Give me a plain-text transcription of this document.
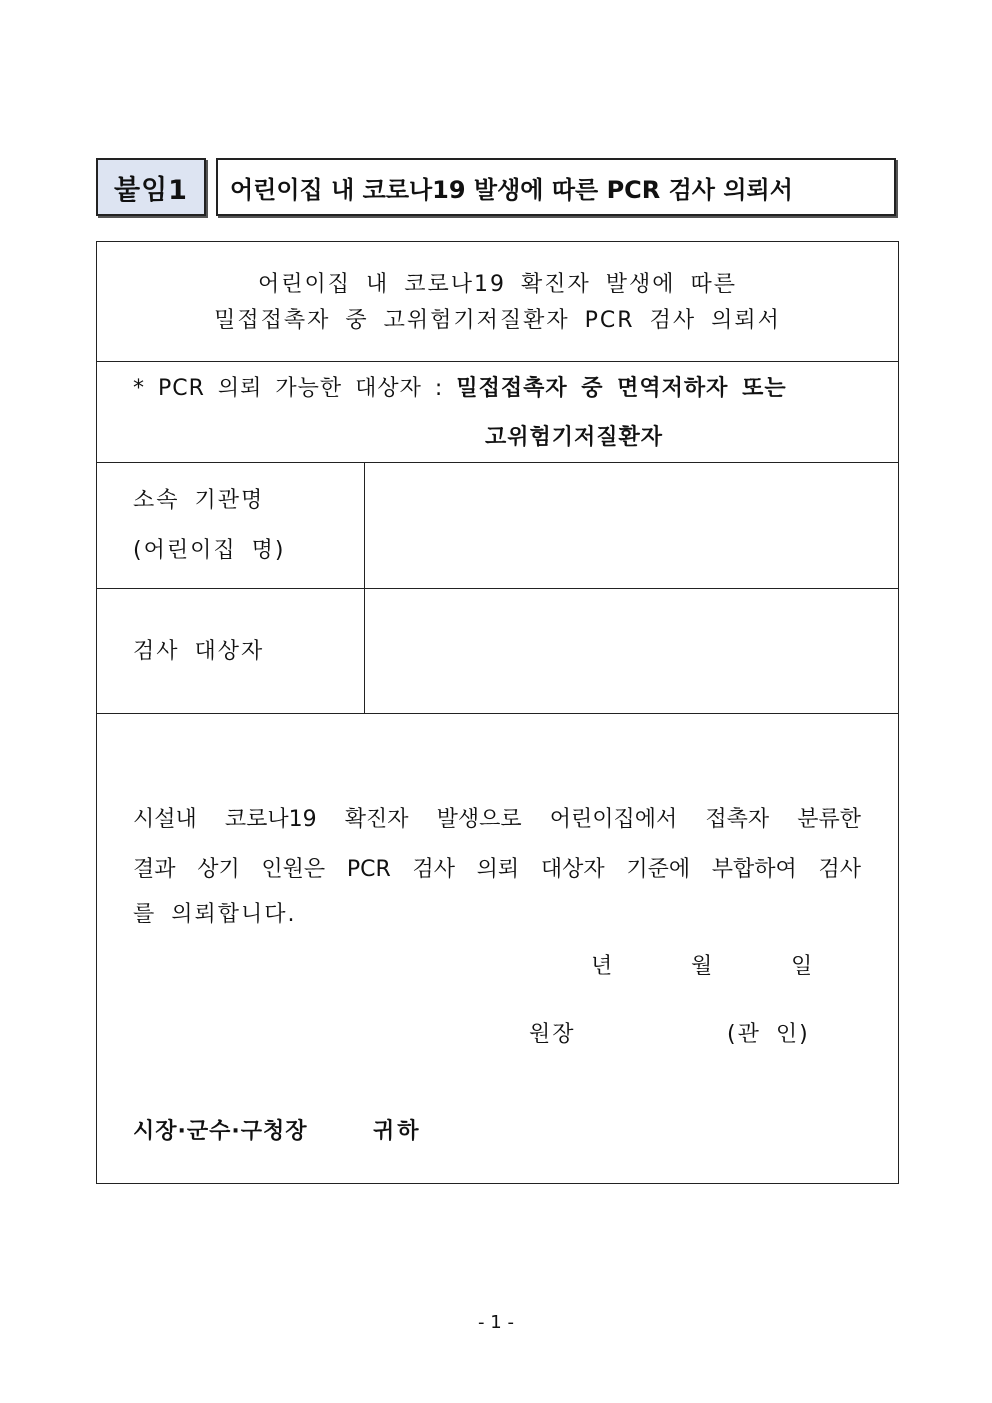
붙임1	어린이집 내 코로나19 발생에 따른 PCR 검사 의뢰서
어린이집 내 코로나19 확진자 발생에 따른
밀접접촉자 중 고위험기저질환자 PCR 검사 의뢰서
* PCR 의뢰 가능한 대상자 : 밀접접촉자 중 면역저하자 또는
고위험기저질환자
소속 기관명
(어린이집 명)
검사 대상자
시설내 코로나19 확진자 발생으로 어린이집에서 접촉자 분류한
결과 상기 인원은 PCR 검사 의뢰 대상자 기준에 부합하여 검사
를 의뢰합니다.
년	월	일
원장	(관 인)
시장·군수·구청장	귀하
- 1 -
